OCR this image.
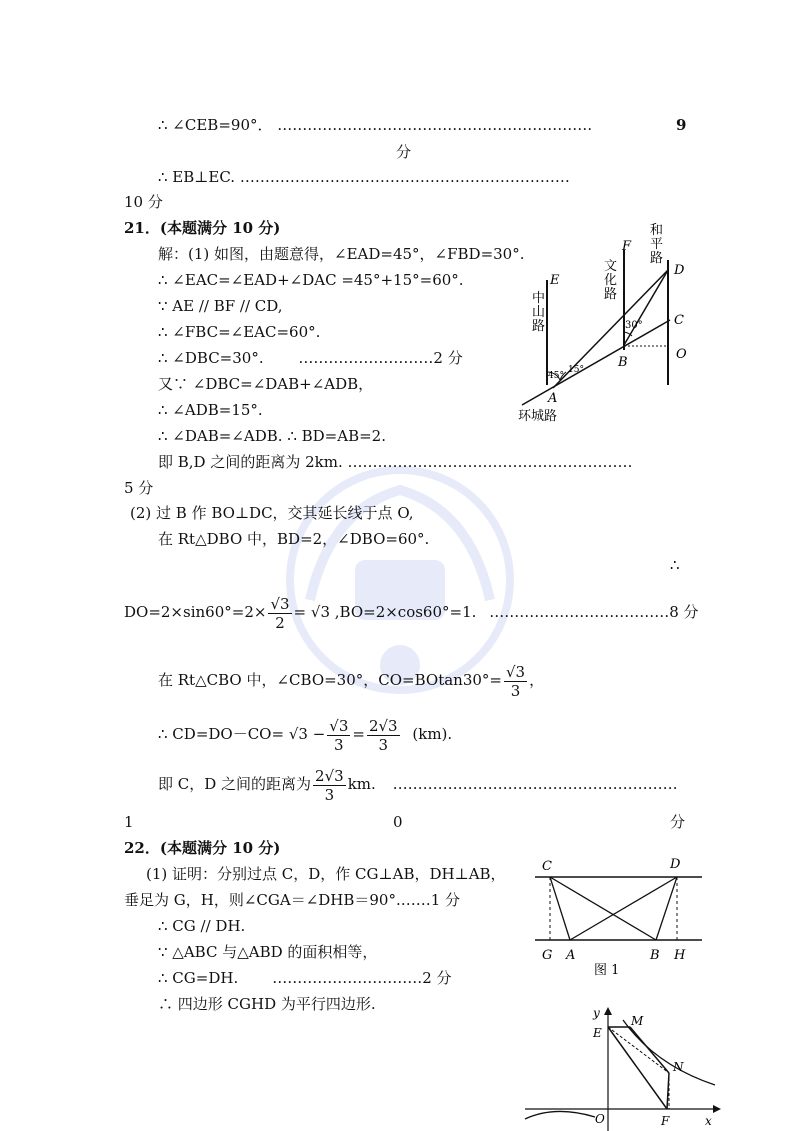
∴ ∠CEB=90°． ………………………………………………………	9
分
∴ EB⊥EC. …………………………………………………………
10 分
21．(本题满分 10 分)
解：(1) 如图，由题意得，∠EAD=45°，∠FBD=30°.
∴ ∠EAC=∠EAD+∠DAC =45°+15°=60°.
∵ AE // BF // CD,
∴ ∠FBC=∠EAC=60°.
∴ ∠DBC=30°. ………………………2 分
又∵ ∠DBC=∠DAB+∠ADB，
∴ ∠ADB=15°.
∴ ∠DAB=∠ADB. ∴ BD=AB=2.
即 B,D 之间的距离为 2km. …………………………………………………
5 分
(2) 过 B 作 BO⊥DC，交其延长线于点 O,
在 Rt△DBO 中，BD=2，∠DBO=60°.
∴
$DO=2\times\sin 60^\circ=2\times \frac{√3}{2} = √3$ ,BO=2×cos60°=1. ………………………………8 分
在 Rt△CBO 中，∠CBO=30°，$CO=BOtan30^\circ= \frac{√3}{3}$ ，
∴ $CD=DO-CO= √3 - \frac{√3}{3} = \frac{2√3}{3} (km)$.
即 C，D 之间的距离为 $\frac{2√3}{3}$ km. …………………………………………………
1	0	分
22．(本题满分 10 分)
(1) 证明：分别过点 C，D，作 CG⊥AB，DH⊥AB，
垂足为 G，H，则∠CGA＝∠DHB＝90°.……1 分
∴ CG // DH.
∵ △ABC 与△ABD 的面积相等，
∴ CG=DH. …………………………2 分
∴ 四边形 CGHD 为平行四边形.
E
F
D
C
O
B
A
45°
15°
30°
中
山
路
文
化
路
和
平
路
环城路
C	D
G A	B H
图 1
y
x
E
M
N
O	F
